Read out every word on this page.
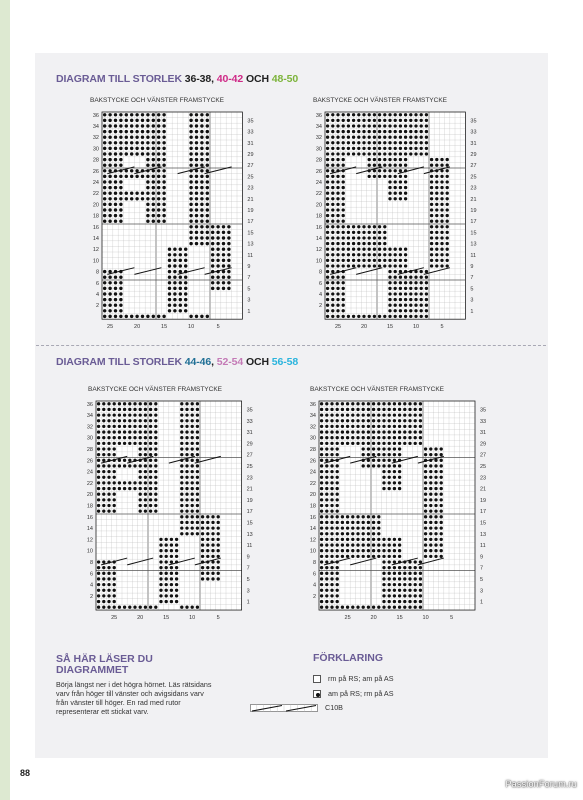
DIAGRAM TILL STORLEK 36-38, 40-42 OCH 48-50
BAKSTYCKE OCH VÄNSTER FRAMSTYCKE	BAKSTYCKE OCH VÄNSTER FRAMSTYCKE
36
34
32
30
28
26
24
22
20
18
16
14
12
10
8
6
4
2
35
33
31
29
27
25
23
21
19
17
15
13
11
9
7
5
3
1
25	20	15	10	5
36
34
32
30
28
26
24
22
20
18
16
14
12
10
8
6
4
2
35
33
31
29
27
25
23
21
19
17
15
13
11
9
7
5
3
1
25	20	15	10	5
DIAGRAM TILL STORLEK 44-46, 52-54 OCH 56-58
BAKSTYCKE OCH VÄNSTER FRAMSTYCKE	BAKSTYCKE OCH VÄNSTER FRAMSTYCKE
36
34
32
30
28
26
24
22
20
18
16
14
12
10
8
6
4
2
35
33
31
29
27
25
23
21
19
17
15
13
11
9
7
5
3
1
25	20	15	10	5
36
34
32
30
28
26
24
22
20
18
16
14
12
10
8
6
4
2
35
33
31
29
27
25
23
21
19
17
15
13
11
9
7
5
3
1
25	20	15	10	5
SÅ HÄR LÄSER DU DIAGRAMMET
Börja längst ner i det högra hörnet. Läs rätsidans varv från höger till vänster och avigsidans varv från vänster till höger. En rad med rutor representerar ett stickat varv.
FÖRKLARING
rm på RS; am på AS
am på RS; rm på AS
C10B
88
PassionForum.ru
